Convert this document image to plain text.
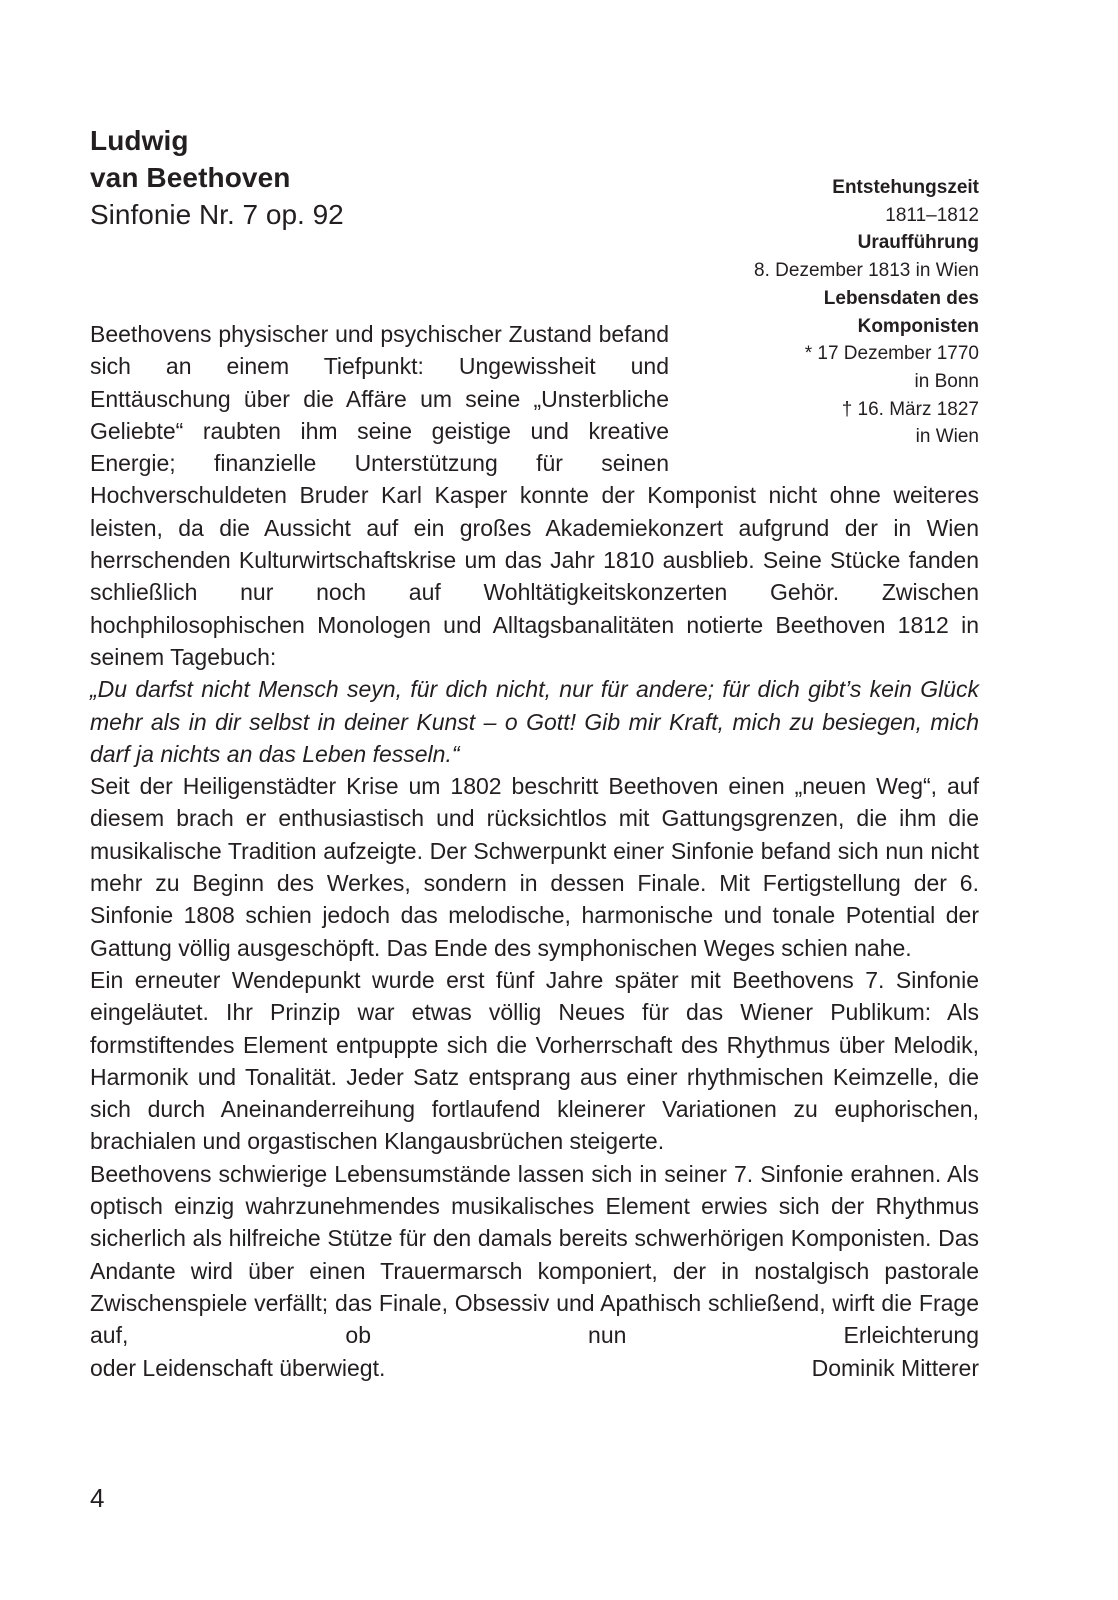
Ludwig
van Beethoven
Sinfonie Nr. 7 op. 92
Entstehungszeit
1811–1812
Uraufführung
8. Dezember 1813 in Wien
Lebensdaten des
Komponisten
* 17 Dezember 1770
in Bonn
† 16. März 1827
in Wien

Beethovens physischer und psychischer Zustand befand sich an einem Tiefpunkt: Ungewissheit und Enttäuschung über die Affäre um seine „Unsterbliche Geliebte“ raubten ihm seine geistige und kreative Energie; finanzielle Unterstützung für seinen Hochverschuldeten Bruder Karl Kasper konnte der Komponist nicht ohne weiteres leisten, da die Aussicht auf ein großes Akademiekonzert aufgrund der in Wien herrschenden Kulturwirtschaftskrise um das Jahr 1810 ausblieb. Seine Stücke fanden schließlich nur noch auf Wohltätigkeitskonzerten Gehör. Zwischen hochphilosophischen Monologen und Alltagsbanalitäten notierte Beethoven 1812 in seinem Tagebuch:

„Du darfst nicht Mensch seyn, für dich nicht, nur für andere; für dich gibt’s kein Glück mehr als in dir selbst in deiner Kunst – o Gott! Gib mir Kraft, mich zu besiegen, mich darf ja nichts an das Leben fesseln.“

Seit der Heiligenstädter Krise um 1802 beschritt Beethoven einen „neuen Weg“, auf diesem brach er enthusiastisch und rücksichtlos mit Gattungsgrenzen, die ihm die musikalische Tradition aufzeigte. Der Schwerpunkt einer Sinfonie befand sich nun nicht mehr zu Beginn des Werkes, sondern in dessen Finale. Mit Fertigstellung der 6. Sinfonie 1808 schien jedoch das melodische, harmonische und tonale Potential der Gattung völlig ausgeschöpft. Das Ende des symphonischen Weges schien nahe.

Ein erneuter Wendepunkt wurde erst fünf Jahre später mit Beethovens 7. Sinfonie eingeläutet. Ihr Prinzip war etwas völlig Neues für das Wiener Publikum: Als formstiftendes Element entpuppte sich die Vorherrschaft des Rhythmus über Melodik, Harmonik und Tonalität. Jeder Satz entsprang aus einer rhythmischen Keimzelle, die sich durch Aneinanderreihung fortlaufend kleinerer Variationen zu euphorischen, brachialen und orgastischen Klangausbrüchen steigerte.

Beethovens schwierige Lebensumstände lassen sich in seiner 7. Sinfonie erahnen. Als optisch einzig wahrzunehmendes musikalisches Element erwies sich der Rhythmus sicherlich als hilfreiche Stütze für den damals bereits schwerhörigen Komponisten. Das Andante wird über einen Trauermarsch komponiert, der in nostalgisch pastorale Zwischenspiele verfällt; das Finale, Obsessiv und Apathisch schließend, wirft die Frage auf, ob nun Erleichterung

oder Leidenschaft überwiegt.	Dominik Mitterer
4
